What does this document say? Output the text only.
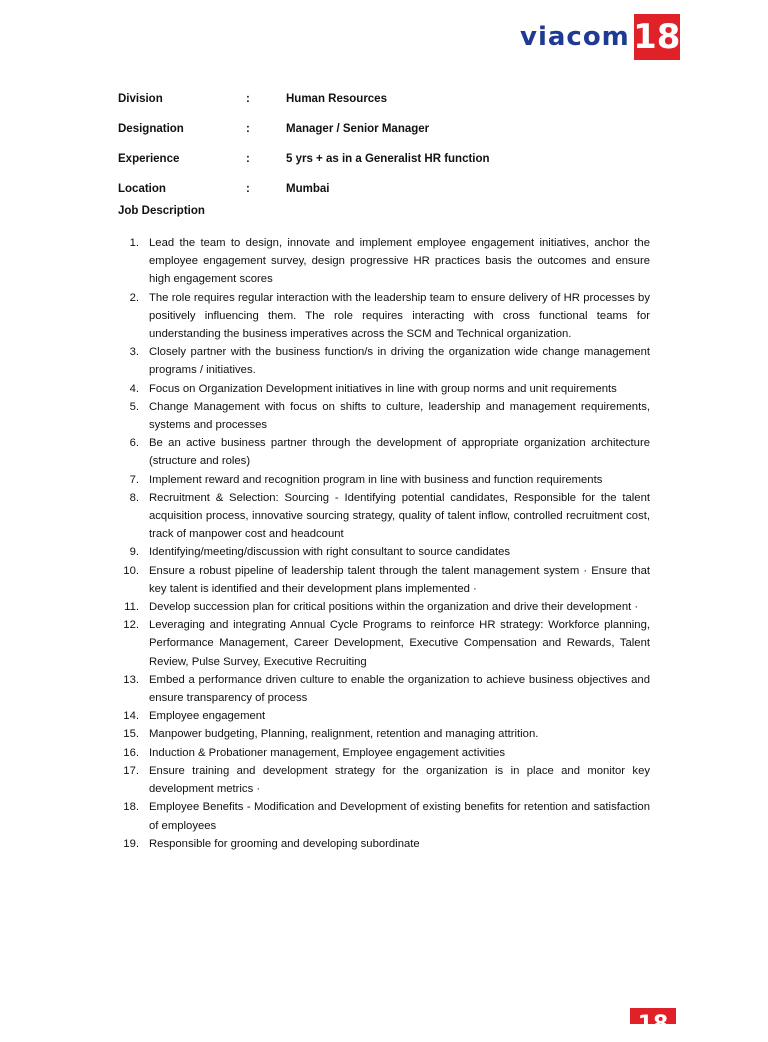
viacom 18
Division	:	Human Resources
Designation	:	Manager / Senior Manager
Experience	:	5 yrs + as in a Generalist HR function
Location	:	Mumbai
Job Description
1. Lead the team to design, innovate and implement employee engagement initiatives, anchor the employee engagement survey, design progressive HR practices basis the outcomes and ensure high engagement scores
2. The role requires regular interaction with the leadership team to ensure delivery of HR processes by positively influencing them. The role requires interacting with cross functional teams for understanding the business imperatives across the SCM and Technical organization.
3. Closely partner with the business function/s in driving the organization wide change management programs / initiatives.
4. Focus on Organization Development initiatives in line with group norms and unit requirements
5. Change Management with focus on shifts to culture, leadership and management requirements, systems and processes
6. Be an active business partner through the development of appropriate organization architecture (structure and roles)
7. Implement reward and recognition program in line with business and function requirements
8. Recruitment & Selection: Sourcing - Identifying potential candidates, Responsible for the talent acquisition process, innovative sourcing strategy, quality of talent inflow, controlled recruitment cost, track of manpower cost and headcount
9. Identifying/meeting/discussion with right consultant to source candidates
10. Ensure a robust pipeline of leadership talent through the talent management system · Ensure that key talent is identified and their development plans implemented ·
11. Develop succession plan for critical positions within the organization and drive their development ·
12. Leveraging and integrating Annual Cycle Programs to reinforce HR strategy: Workforce planning, Performance Management, Career Development, Executive Compensation and Rewards, Talent Review, Pulse Survey, Executive Recruiting
13. Embed a performance driven culture to enable the organization to achieve business objectives and ensure transparency of process
14. Employee engagement
15. Manpower budgeting, Planning, realignment, retention and managing attrition.
16. Induction & Probationer management, Employee engagement activities
17. Ensure training and development strategy for the organization is in place and monitor key development metrics ·
18. Employee Benefits - Modification and Development of existing benefits for retention and satisfaction of employees
19. Responsible for grooming and developing subordinate
18
